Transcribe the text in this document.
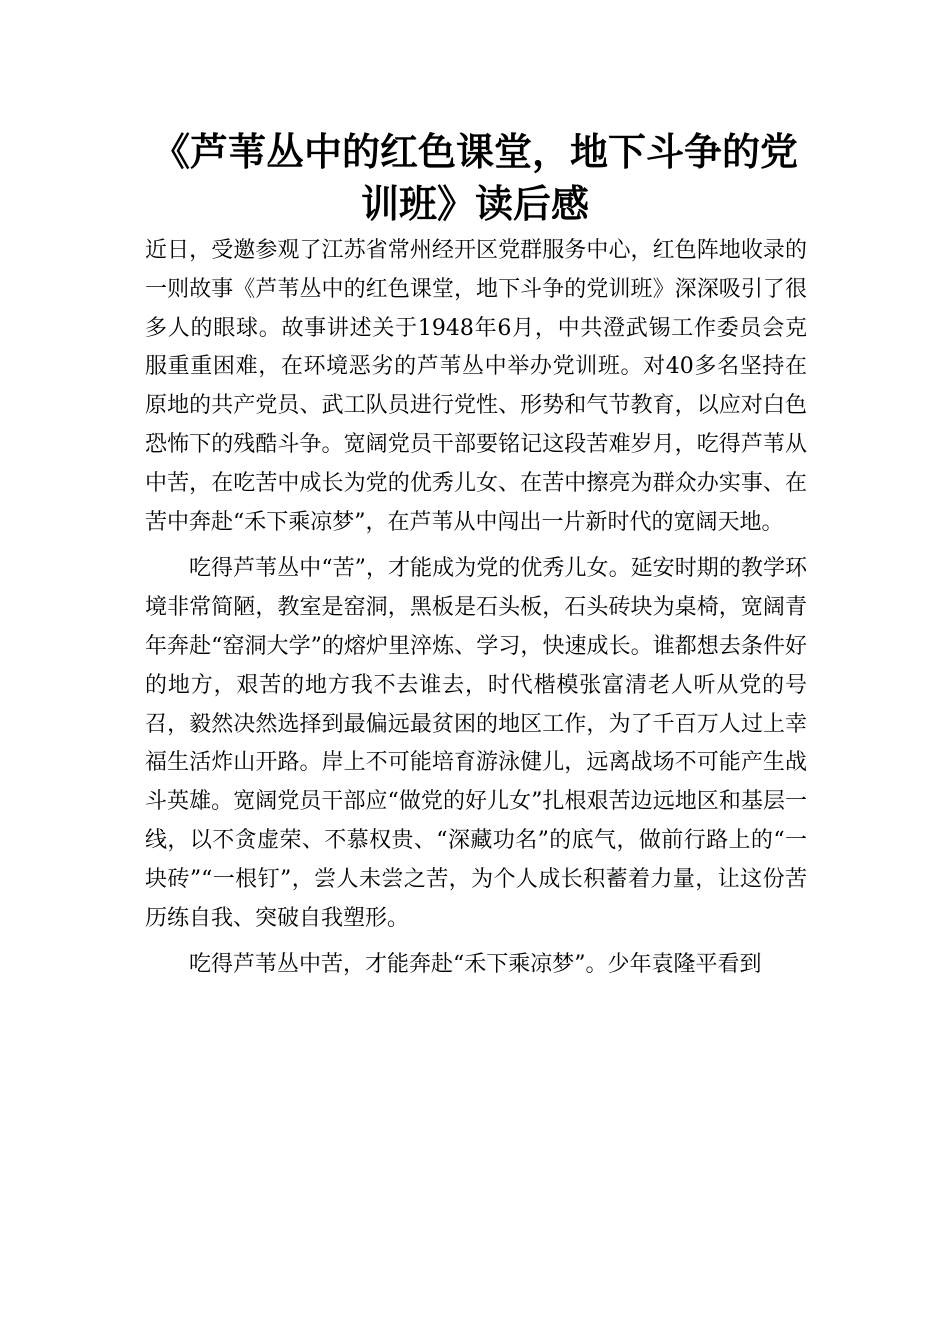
《芦苇丛中的红色课堂，地下斗争的党训班》读后感

近日，受邀参观了江苏省常州经开区党群服务中心，红色阵地收录的一则故事《芦苇丛中的红色课堂，地下斗争的党训班》深深吸引了很多人的眼球。故事讲述关于1948年6月，中共澄武锡工作委员会克服重重困难，在环境恶劣的芦苇丛中举办党训班。对40多名坚持在原地的共产党员、武工队员进行党性、形势和气节教育，以应对白色恐怖下的残酷斗争。宽阔党员干部要铭记这段苦难岁月，吃得芦苇从中苦，在吃苦中成长为党的优秀儿女、在苦中擦亮为群众办实事、在苦中奔赴“禾下乘凉梦”，在芦苇从中闯出一片新时代的宽阔天地。

吃得芦苇丛中“苦”，才能成为党的优秀儿女。延安时期的教学环境非常简陋，教室是窑洞，黑板是石头板，石头砖块为桌椅，宽阔青年奔赴“窑洞大学”的熔炉里淬炼、学习，快速成长。谁都想去条件好的地方，艰苦的地方我不去谁去，时代楷模张富清老人听从党的号召，毅然决然选择到最偏远最贫困的地区工作，为了千百万人过上幸福生活炸山开路。岸上不可能培育游泳健儿，远离战场不可能产生战斗英雄。宽阔党员干部应“做党的好儿女”扎根艰苦边远地区和基层一线，以不贪虚荣、不慕权贵、“深藏功名”的底气，做前行路上的“一块砖”“一根钉”，尝人未尝之苦，为个人成长积蓄着力量，让这份苦历练自我、突破自我塑形。

吃得芦苇丛中苦，才能奔赴“禾下乘凉梦”。少年袁隆平看到
